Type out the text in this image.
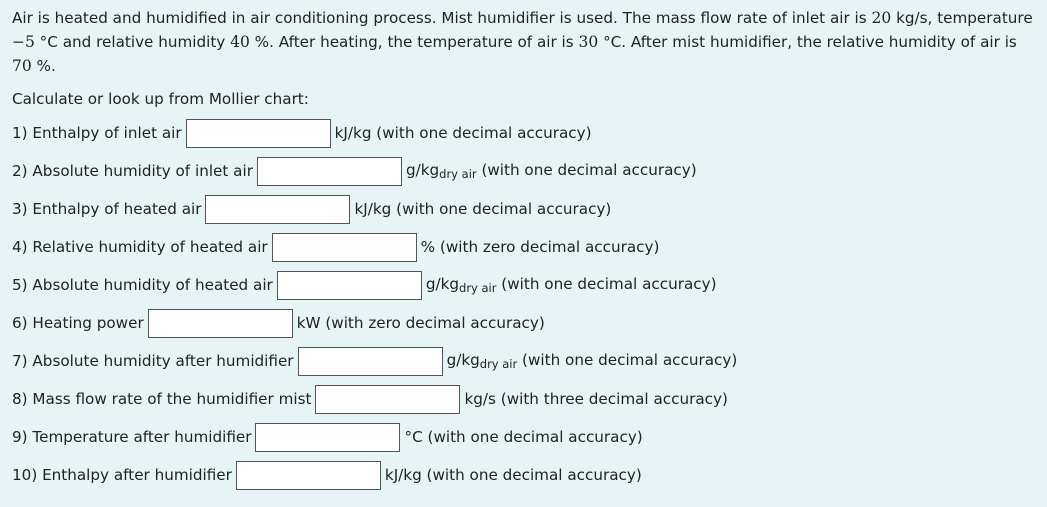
Air is heated and humidified in air conditioning process. Mist humidifier is used. The mass flow rate of inlet air is 20 kg/s, temperature −5 °C and relative humidity 40 %. After heating, the temperature of air is 30 °C. After mist humidifier, the relative humidity of air is 70 %.

Calculate or look up from Mollier chart:

1) Enthalpy of inlet air	kJ/kg (with one decimal accuracy)
2) Absolute humidity of inlet air	$g/kg_{dry air}$ (with one decimal accuracy)
3) Enthalpy of heated air	kJ/kg (with one decimal accuracy)
4) Relative humidity of heated air	% (with zero decimal accuracy)
5) Absolute humidity of heated air	$g/kg_{dry air}$ (with one decimal accuracy)
6) Heating power	kW (with zero decimal accuracy)
7) Absolute humidity after humidifier	$g/kg_{dry air}$ (with one decimal accuracy)
8) Mass flow rate of the humidifier mist	kg/s (with three decimal accuracy)
9) Temperature after humidifier	°C (with one decimal accuracy)
10) Enthalpy after humidifier	kJ/kg (with one decimal accuracy)
